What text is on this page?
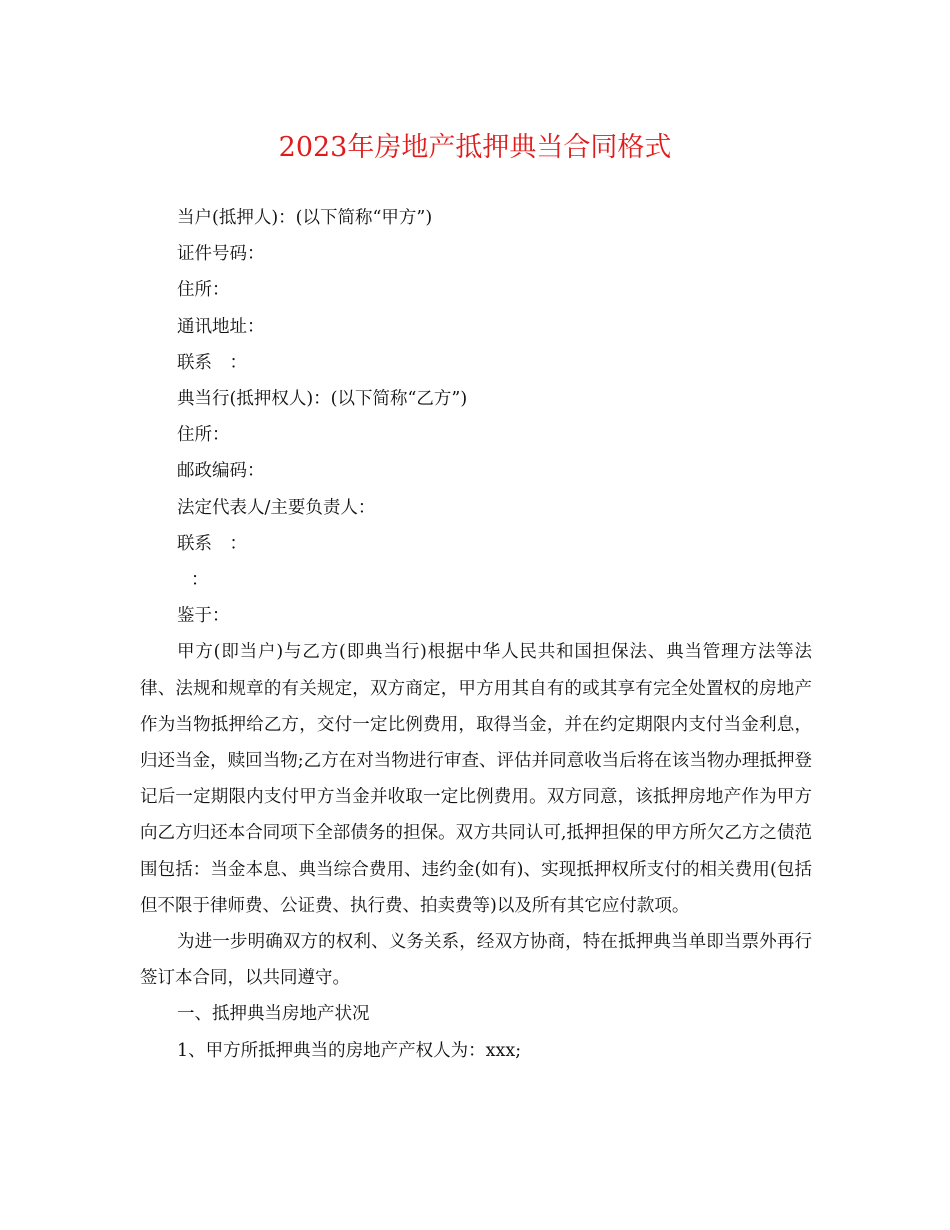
2023年房地产抵押典当合同格式

当户(抵押人)：(以下简称“甲方”)

证件号码：

住所：

通讯地址：

联系　：

典当行(抵押权人)：(以下简称“乙方”)

住所：

邮政编码：

法定代表人/主要负责人：

联系　：

：

鉴于：

甲方(即当户)与乙方(即典当行)根据中华人民共和国担保法、典当管理方法等法律、法规和规章的有关规定，双方商定，甲方用其自有的或其享有完全处置权的房地产作为当物抵押给乙方，交付一定比例费用，取得当金，并在约定期限内支付当金利息，归还当金，赎回当物;乙方在对当物进行审查、评估并同意收当后将在该当物办理抵押登记后一定期限内支付甲方当金并收取一定比例费用。双方同意，该抵押房地产作为甲方向乙方归还本合同项下全部债务的担保。双方共同认可,抵押担保的甲方所欠乙方之债范围包括：当金本息、典当综合费用、违约金(如有)、实现抵押权所支付的相关费用(包括但不限于律师费、公证费、执行费、拍卖费等)以及所有其它应付款项。

为进一步明确双方的权利、义务关系，经双方协商，特在抵押典当单即当票外再行签订本合同，以共同遵守。

一、抵押典当房地产状况

1、甲方所抵押典当的房地产产权人为：xxx;
